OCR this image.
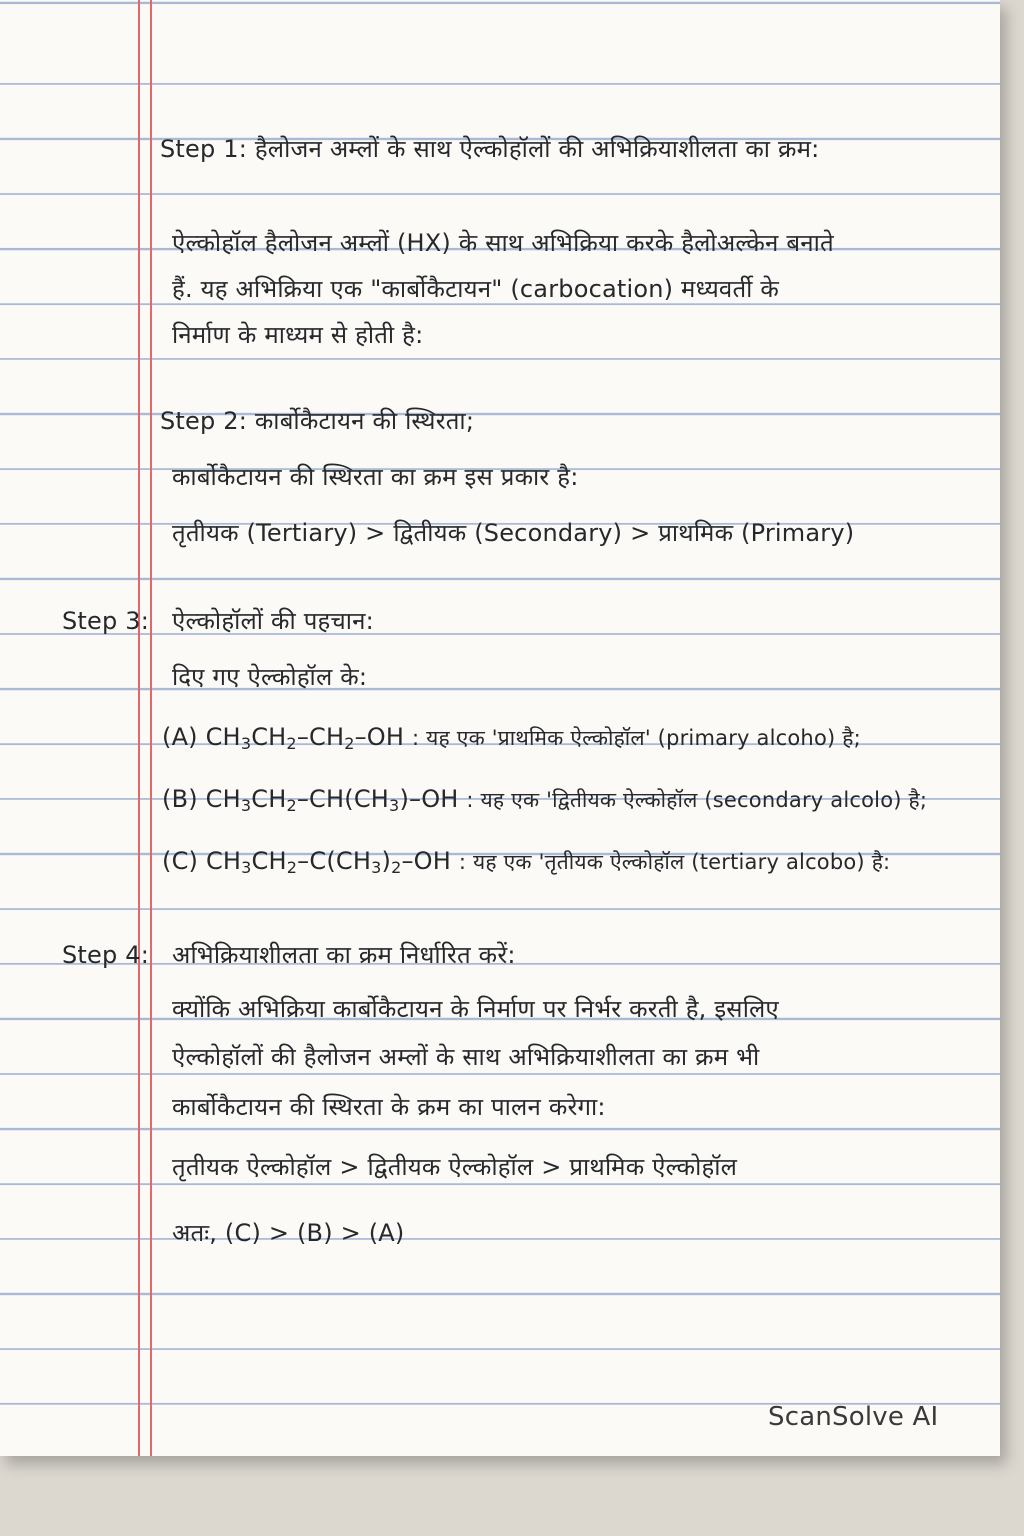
Step 1: हैलोजन अम्लों के साथ ऐल्कोहॉलों की अभिक्रियाशीलता का क्रम:
ऐल्कोहॉल हैलोजन अम्लों (HX) के साथ अभिक्रिया करके हैलोअल्केन बनाते
हैं. यह अभिक्रिया एक "कार्बोकैटायन" (carbocation) मध्यवर्ती के
निर्माण के माध्यम से होती है:
Step 2: कार्बोकैटायन की स्थिरता;
कार्बोकैटायन की स्थिरता का क्रम इस प्रकार है:
तृतीयक (Tertiary) > द्वितीयक (Secondary) > प्राथमिक (Primary)
Step 3: ऐल्कोहॉलों की पहचान:
दिए गए ऐल्कोहॉल के:
(A) $CH_3CH_2-CH_2-OH$ : यह एक 'प्राथमिक ऐल्कोहॉल' (primary alcoho) है;
(B) $CH_3CH_2-CH(CH_3)-OH$ : यह एक 'द्वितीयक ऐल्कोहॉल (secondary alcolo) है;
(C) $CH_3CH_2-C(CH_3)_2-OH$ : यह एक 'तृतीयक ऐल्कोहॉल (tertiary alcobo) है:
Step 4: अभिक्रियाशीलता का क्रम निर्धारित करें:
क्योंकि अभिक्रिया कार्बोकैटायन के निर्माण पर निर्भर करती है, इसलिए
ऐल्कोहॉलों की हैलोजन अम्लों के साथ अभिक्रियाशीलता का क्रम भी
कार्बोकैटायन की स्थिरता के क्रम का पालन करेगा:
तृतीयक ऐल्कोहॉल > द्वितीयक ऐल्कोहॉल > प्राथमिक ऐल्कोहॉल
अतः, (C) > (B) > (A)
ScanSolve AI
